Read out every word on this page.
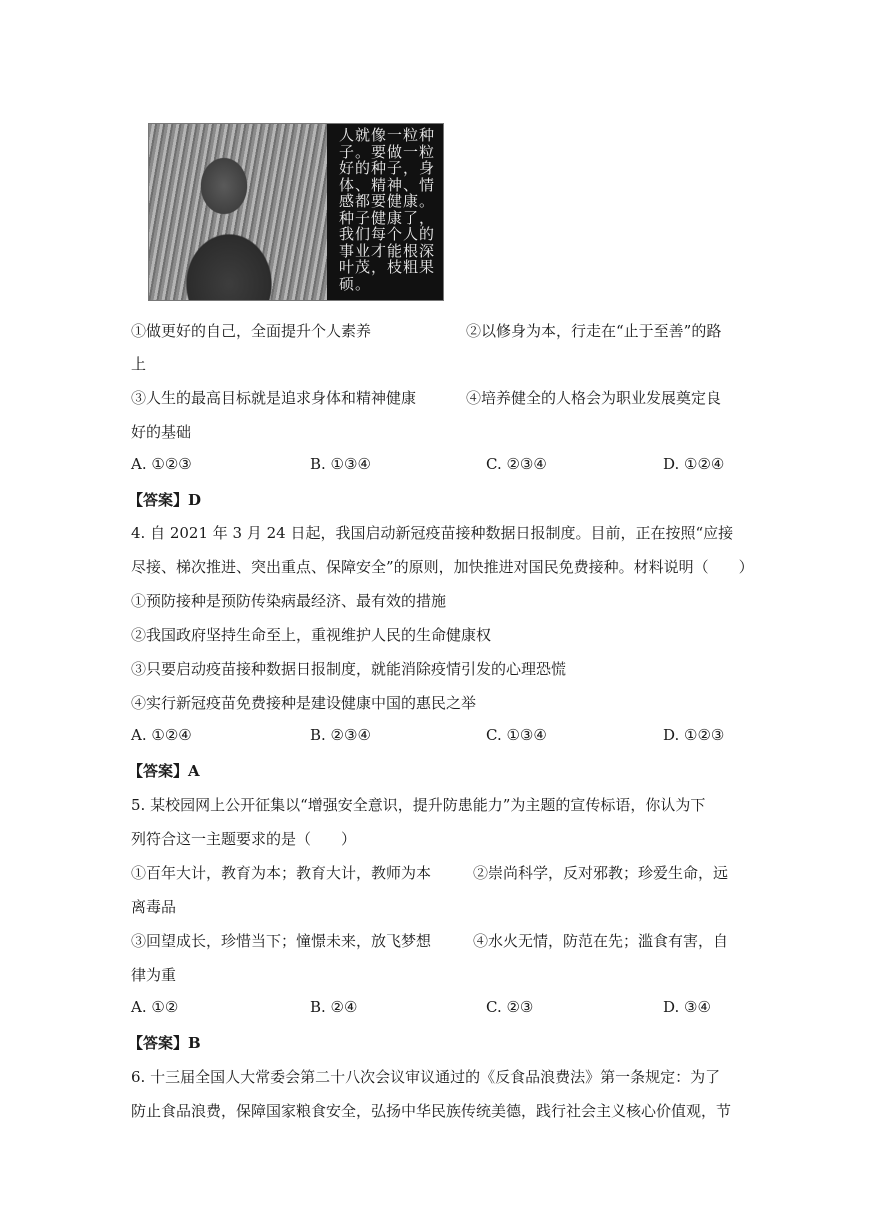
人就像一粒种子。要做一粒好的种子，身体、精神、情感都要健康。种子健康了，我们每个人的事业才能根深叶茂，枝粗果硕。
①做更好的自己，全面提升个人素养	②以修身为本，行走在“止于至善”的路
上
③人生的最高目标就是追求身体和精神健康	④培养健全的人格会为职业发展奠定良
好的基础
A. ①②③	B. ①③④	C. ②③④	D. ①②④
【答案】D
4. 自 2021 年 3 月 24 日起，我国启动新冠疫苗接种数据日报制度。目前，正在按照“应接
尽接、梯次推进、突出重点、保障安全”的原则，加快推进对国民免费接种。材料说明（　　）
①预防接种是预防传染病最经济、最有效的措施
②我国政府坚持生命至上，重视维护人民的生命健康权
③只要启动疫苗接种数据日报制度，就能消除疫情引发的心理恐慌
④实行新冠疫苗免费接种是建设健康中国的惠民之举
A. ①②④	B. ②③④	C. ①③④	D. ①②③
【答案】A
5. 某校园网上公开征集以“增强安全意识，提升防患能力”为主题的宣传标语，你认为下
列符合这一主题要求的是（　　）
①百年大计，教育为本；教育大计，教师为本	②崇尚科学，反对邪教；珍爱生命，远
离毒品
③回望成长，珍惜当下；憧憬未来，放飞梦想	④水火无情，防范在先；滥食有害，自
律为重
A. ①②	B. ②④	C. ②③	D. ③④
【答案】B
6. 十三届全国人大常委会第二十八次会议审议通过的《反食品浪费法》第一条规定：为了
防止食品浪费，保障国家粮食安全，弘扬中华民族传统美德，践行社会主义核心价值观，节
